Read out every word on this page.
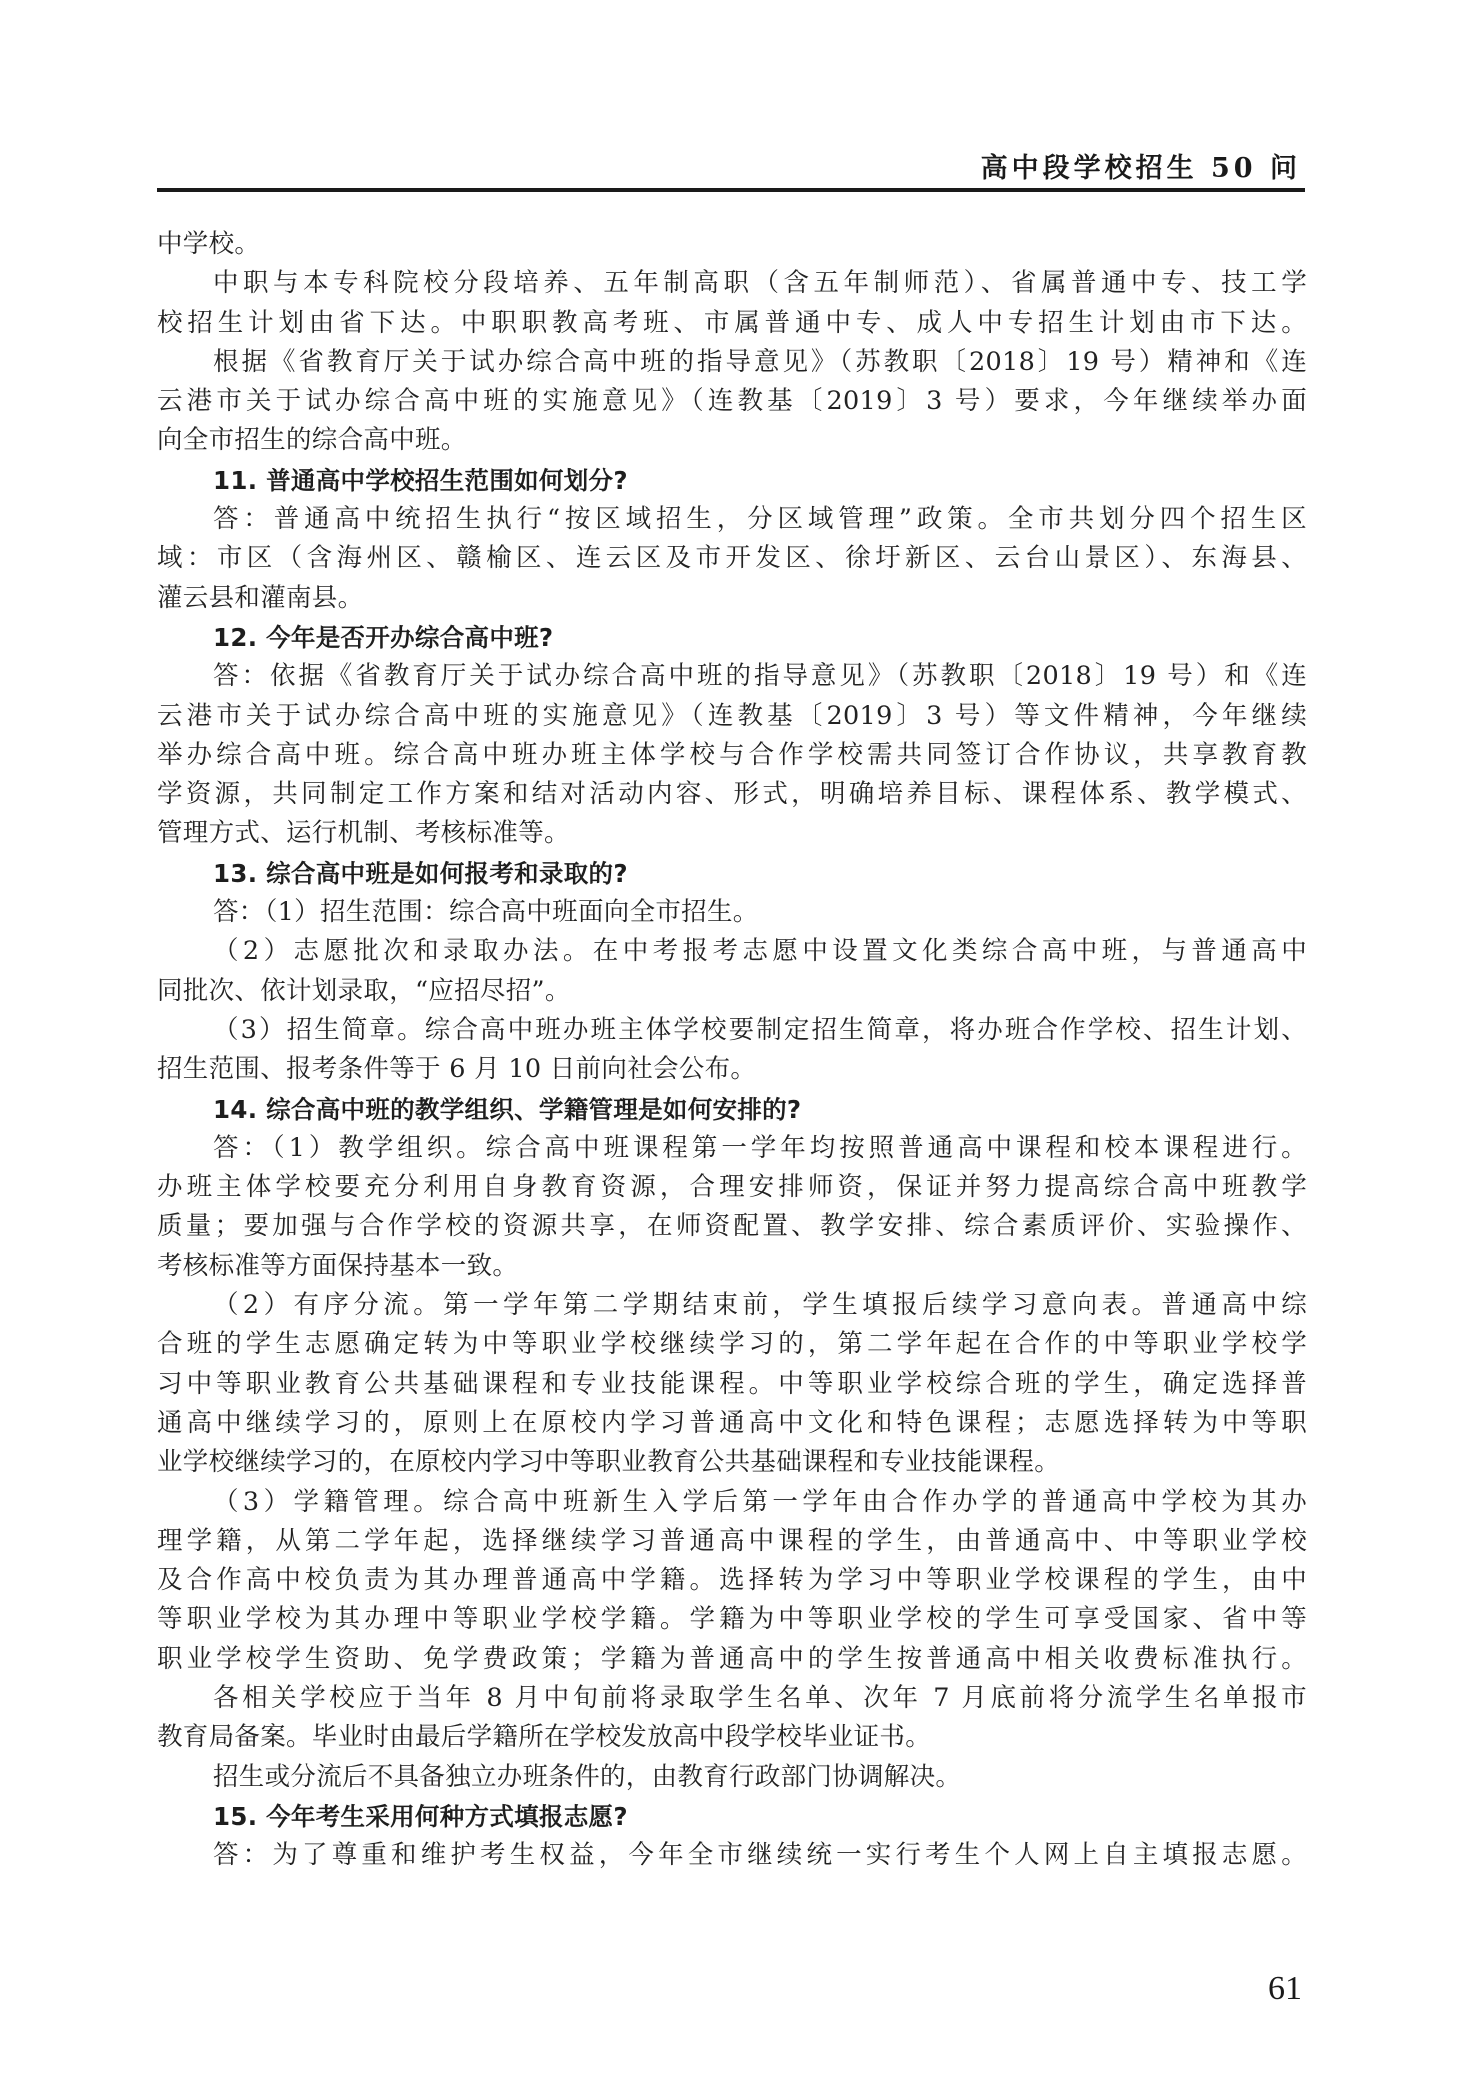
高中段学校招生 50 问
中学校。
中职与本专科院校分段培养、五年制高职（含五年制师范）、省属普通中专、技工学
校招生计划由省下达。中职职教高考班、市属普通中专、成人中专招生计划由市下达。
根据《省教育厅关于试办综合高中班的指导意见》（苏教职〔2018〕19 号）精神和《连
云港市关于试办综合高中班的实施意见》（连教基〔2019〕3 号）要求，今年继续举办面
向全市招生的综合高中班。
11. 普通高中学校招生范围如何划分?
答：普通高中统招生执行“按区域招生，分区域管理”政策。全市共划分四个招生区
域：市区（含海州区、赣榆区、连云区及市开发区、徐圩新区、云台山景区）、东海县、
灌云县和灌南县。
12. 今年是否开办综合高中班?
答：依据《省教育厅关于试办综合高中班的指导意见》（苏教职〔2018〕19 号）和《连
云港市关于试办综合高中班的实施意见》（连教基〔2019〕3 号）等文件精神，今年继续
举办综合高中班。综合高中班办班主体学校与合作学校需共同签订合作协议，共享教育教
学资源，共同制定工作方案和结对活动内容、形式，明确培养目标、课程体系、教学模式、
管理方式、运行机制、考核标准等。
13. 综合高中班是如何报考和录取的?
答：（1）招生范围：综合高中班面向全市招生。
（2）志愿批次和录取办法。在中考报考志愿中设置文化类综合高中班，与普通高中
同批次、依计划录取，“应招尽招”。
（3）招生简章。综合高中班办班主体学校要制定招生简章，将办班合作学校、招生计划、
招生范围、报考条件等于 6 月 10 日前向社会公布。
14. 综合高中班的教学组织、学籍管理是如何安排的?
答：（1）教学组织。综合高中班课程第一学年均按照普通高中课程和校本课程进行。
办班主体学校要充分利用自身教育资源，合理安排师资，保证并努力提高综合高中班教学
质量；要加强与合作学校的资源共享，在师资配置、教学安排、综合素质评价、实验操作、
考核标准等方面保持基本一致。
（2）有序分流。第一学年第二学期结束前，学生填报后续学习意向表。普通高中综
合班的学生志愿确定转为中等职业学校继续学习的，第二学年起在合作的中等职业学校学
习中等职业教育公共基础课程和专业技能课程。中等职业学校综合班的学生，确定选择普
通高中继续学习的，原则上在原校内学习普通高中文化和特色课程；志愿选择转为中等职
业学校继续学习的，在原校内学习中等职业教育公共基础课程和专业技能课程。
（3）学籍管理。综合高中班新生入学后第一学年由合作办学的普通高中学校为其办
理学籍，从第二学年起，选择继续学习普通高中课程的学生，由普通高中、中等职业学校
及合作高中校负责为其办理普通高中学籍。选择转为学习中等职业学校课程的学生，由中
等职业学校为其办理中等职业学校学籍。学籍为中等职业学校的学生可享受国家、省中等
职业学校学生资助、免学费政策；学籍为普通高中的学生按普通高中相关收费标准执行。
各相关学校应于当年 8 月中旬前将录取学生名单、次年 7 月底前将分流学生名单报市
教育局备案。毕业时由最后学籍所在学校发放高中段学校毕业证书。
招生或分流后不具备独立办班条件的，由教育行政部门协调解决。
15. 今年考生采用何种方式填报志愿?
答：为了尊重和维护考生权益，今年全市继续统一实行考生个人网上自主填报志愿。
61
